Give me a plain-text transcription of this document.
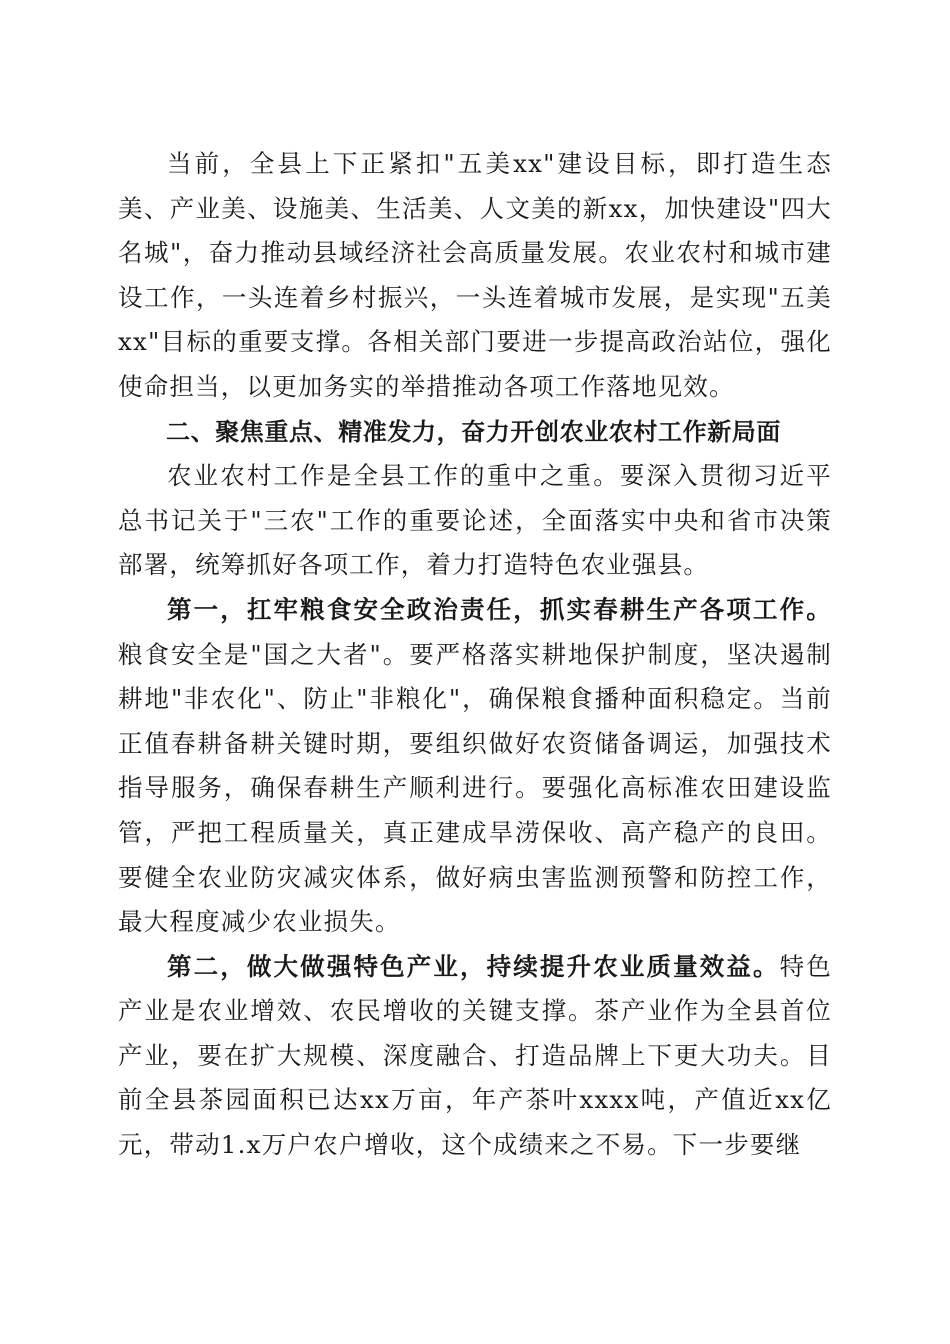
当前，全县上下正紧扣"五美xx"建设目标，即打造生态美、产业美、设施美、生活美、人文美的新xx，加快建设"四大名城"，奋力推动县域经济社会高质量发展。农业农村和城市建设工作，一头连着乡村振兴，一头连着城市发展，是实现"五美xx"目标的重要支撑。各相关部门要进一步提高政治站位，强化使命担当，以更加务实的举措推动各项工作落地见效。

二、聚焦重点、精准发力，奋力开创农业农村工作新局面

农业农村工作是全县工作的重中之重。要深入贯彻习近平总书记关于"三农"工作的重要论述，全面落实中央和省市决策部署，统筹抓好各项工作，着力打造特色农业强县。

第一，扛牢粮食安全政治责任，抓实春耕生产各项工作。粮食安全是"国之大者"。要严格落实耕地保护制度，坚决遏制耕地"非农化"、防止"非粮化"，确保粮食播种面积稳定。当前正值春耕备耕关键时期，要组织做好农资储备调运，加强技术指导服务，确保春耕生产顺利进行。要强化高标准农田建设监管，严把工程质量关，真正建成旱涝保收、高产稳产的良田。要健全农业防灾减灾体系，做好病虫害监测预警和防控工作，最大程度减少农业损失。

第二，做大做强特色产业，持续提升农业质量效益。特色产业是农业增效、农民增收的关键支撑。茶产业作为全县首位产业，要在扩大规模、深度融合、打造品牌上下更大功夫。目前全县茶园面积已达xx万亩，年产茶叶xxxx吨，产值近xx亿元，带动1.x万户农户增收，这个成绩来之不易。下一步要继
